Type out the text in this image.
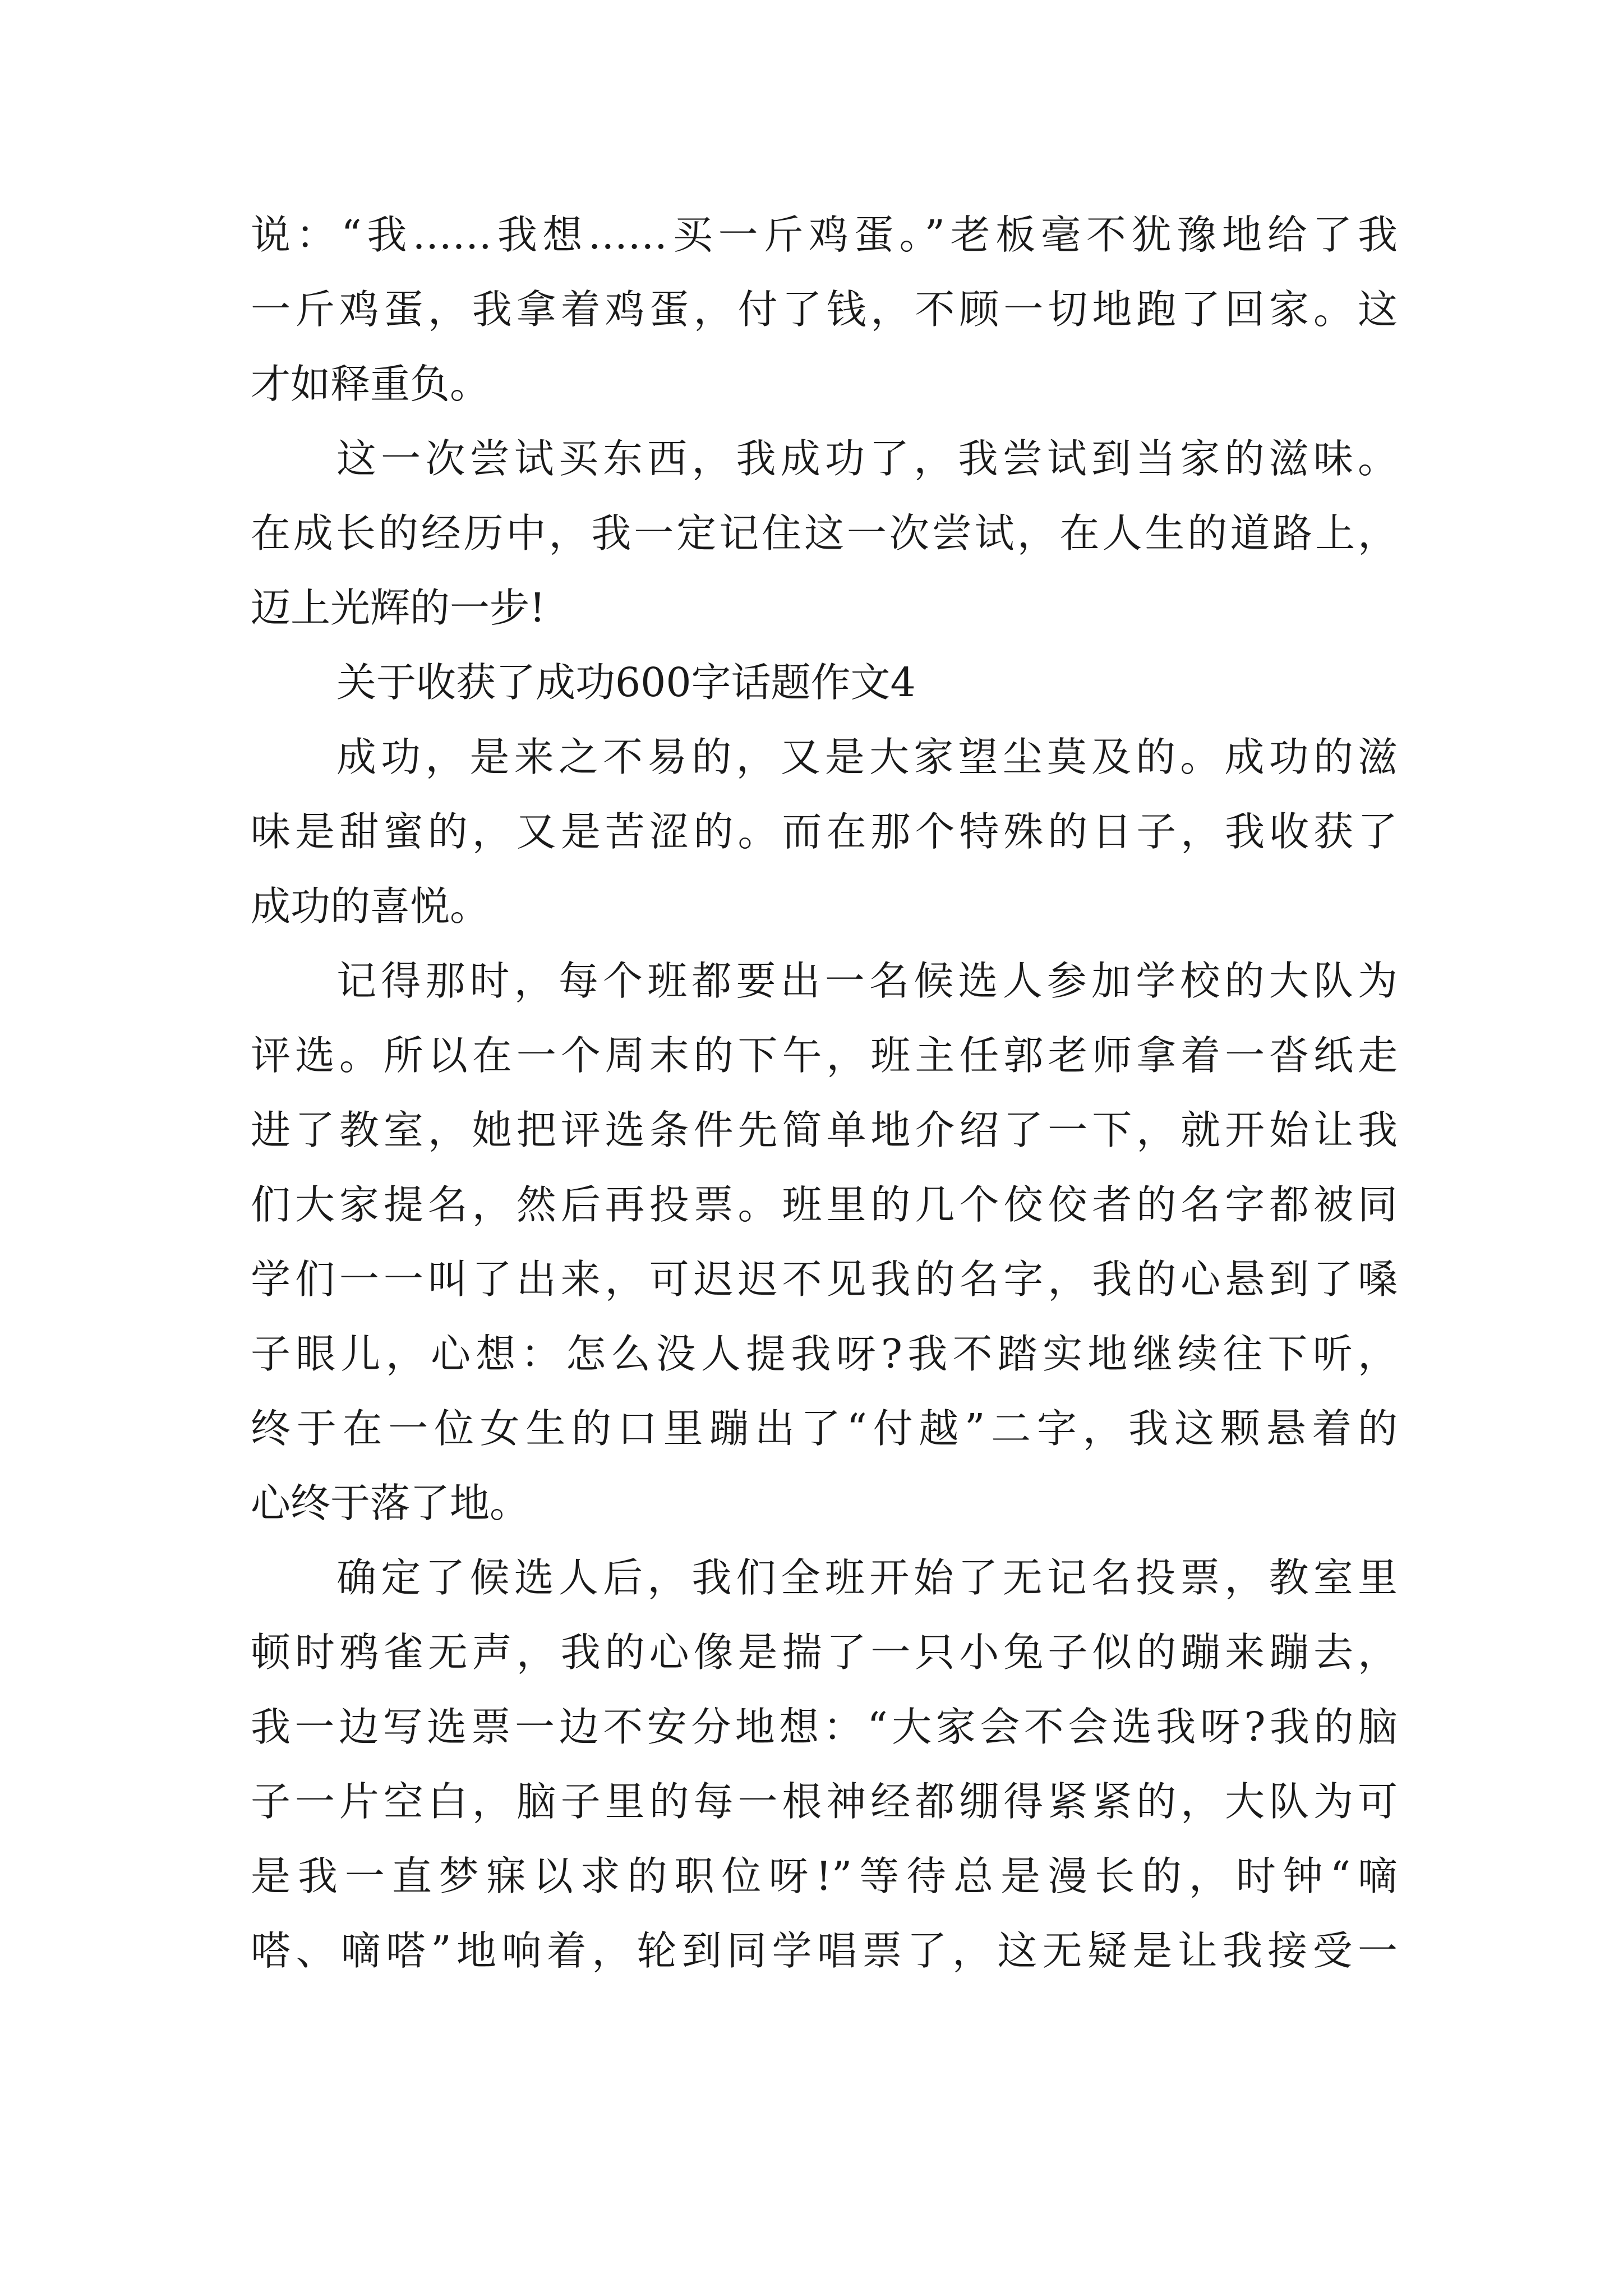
说：“我……我想……买一斤鸡蛋。”老板毫不犹豫地给了我
一斤鸡蛋，我拿着鸡蛋，付了钱，不顾一切地跑了回家。这
才如释重负。
这一次尝试买东西，我成功了，我尝试到当家的滋味。
在成长的经历中，我一定记住这一次尝试，在人生的道路上，
迈上光辉的一步!
关于收获了成功600字话题作文4
成功，是来之不易的，又是大家望尘莫及的。成功的滋
味是甜蜜的，又是苦涩的。而在那个特殊的日子，我收获了
成功的喜悦。
记得那时，每个班都要出一名候选人参加学校的大队为
评选。所以在一个周末的下午，班主任郭老师拿着一沓纸走
进了教室，她把评选条件先简单地介绍了一下，就开始让我
们大家提名，然后再投票。班里的几个佼佼者的名字都被同
学们一一叫了出来，可迟迟不见我的名字，我的心悬到了嗓
子眼儿，心想：怎么没人提我呀?我不踏实地继续往下听，
终于在一位女生的口里蹦出了“付越”二字，我这颗悬着的
心终于落了地。
确定了候选人后，我们全班开始了无记名投票，教室里
顿时鸦雀无声，我的心像是揣了一只小兔子似的蹦来蹦去，
我一边写选票一边不安分地想：“大家会不会选我呀?我的脑
子一片空白，脑子里的每一根神经都绷得紧紧的，大队为可
是我一直梦寐以求的职位呀!”等待总是漫长的，时钟“嘀
嗒、嘀嗒”地响着，轮到同学唱票了，这无疑是让我接受一
